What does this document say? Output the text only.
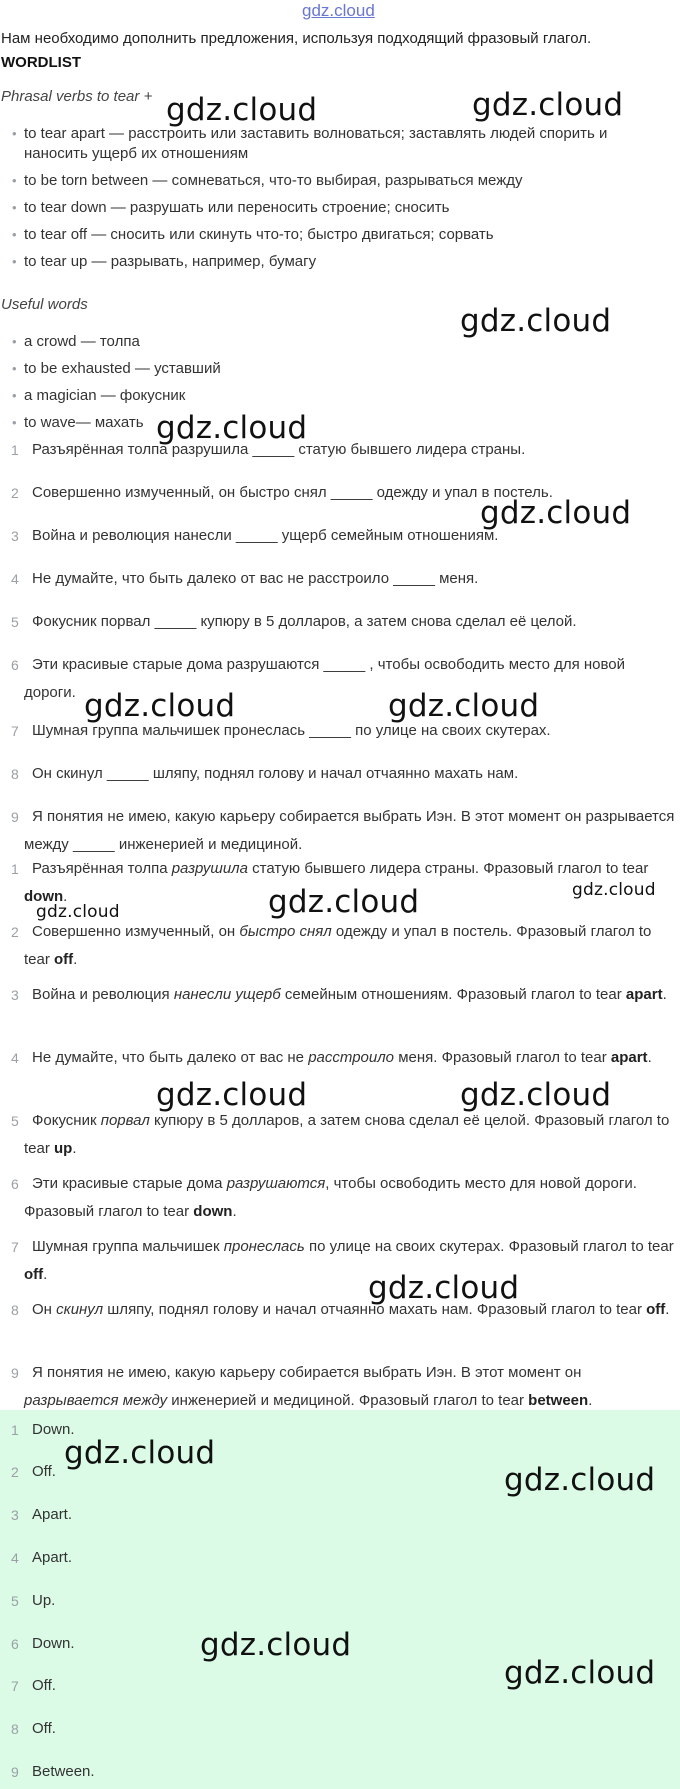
gdz.cloud
Нам необходимо дополнить предложения, используя подходящий фразовый глагол.
WORDLIST
Phrasal verbs to tear +
• to tear apart — расстроить или заставить волноваться; заставлять людей спорить и наносить ущерб их отношениям
• to be torn between — сомневаться, что-то выбирая, разрываться между
• to tear down — разрушать или переносить строение; сносить
• to tear off — сносить или скинуть что-то; быстро двигаться; сорвать
• to tear up — разрывать, например, бумагу
Useful words
• a crowd — толпа
• to be exhausted — уставший
• a magician — фокусник
• to wave— махать
1 Разъярённая толпа разрушила _____ статую бывшего лидера страны.
2 Совершенно измученный, он быстро снял _____ одежду и упал в постель.
3 Война и революция нанесли _____ ущерб семейным отношениям.
4 Не думайте, что быть далеко от вас не расстроило _____ меня.
5 Фокусник порвал _____ купюру в 5 долларов, а затем снова сделал её целой.
6 Эти красивые старые дома разрушаются _____ , чтобы освободить место для новой дороги.
7 Шумная группа мальчишек пронеслась _____ по улице на своих скутерах.
8 Он скинул _____ шляпу, поднял голову и начал отчаянно махать нам.
9 Я понятия не имею, какую карьеру собирается выбрать Иэн. В этот момент он разрывается между _____ инженерией и медициной.
1 Разъярённая толпа разрушила статую бывшего лидера страны. Фразовый глагол to tear down.
2 Совершенно измученный, он быстро снял одежду и упал в постель. Фразовый глагол to tear off.
3 Война и революция нанесли ущерб семейным отношениям. Фразовый глагол to tear apart.
4 Не думайте, что быть далеко от вас не расстроило меня. Фразовый глагол to tear apart.
5 Фокусник порвал купюру в 5 долларов, а затем снова сделал её целой. Фразовый глагол to tear up.
6 Эти красивые старые дома разрушаются, чтобы освободить место для новой дороги. Фразовый глагол to tear down.
7 Шумная группа мальчишек пронеслась по улице на своих скутерах. Фразовый глагол to tear off.
8 Он скинул шляпу, поднял голову и начал отчаянно махать нам. Фразовый глагол to tear off.
9 Я понятия не имею, какую карьеру собирается выбрать Иэн. В этот момент он разрывается между инженерией и медициной. Фразовый глагол to tear between.
1 Down.
2 Off.
3 Apart.
4 Apart.
5 Up.
6 Down.
7 Off.
8 Off.
9 Between.
gdz.cloud	gdz.cloud
gdz.cloud
gdz.cloud
gdz.cloud
gdz.cloud	gdz.cloud
gdz.cloud
gdz.cloud
gdz.cloud
gdz.cloud	gdz.cloud
gdz.cloud
gdz.cloud
gdz.cloud
gdz.cloud
gdz.cloud
